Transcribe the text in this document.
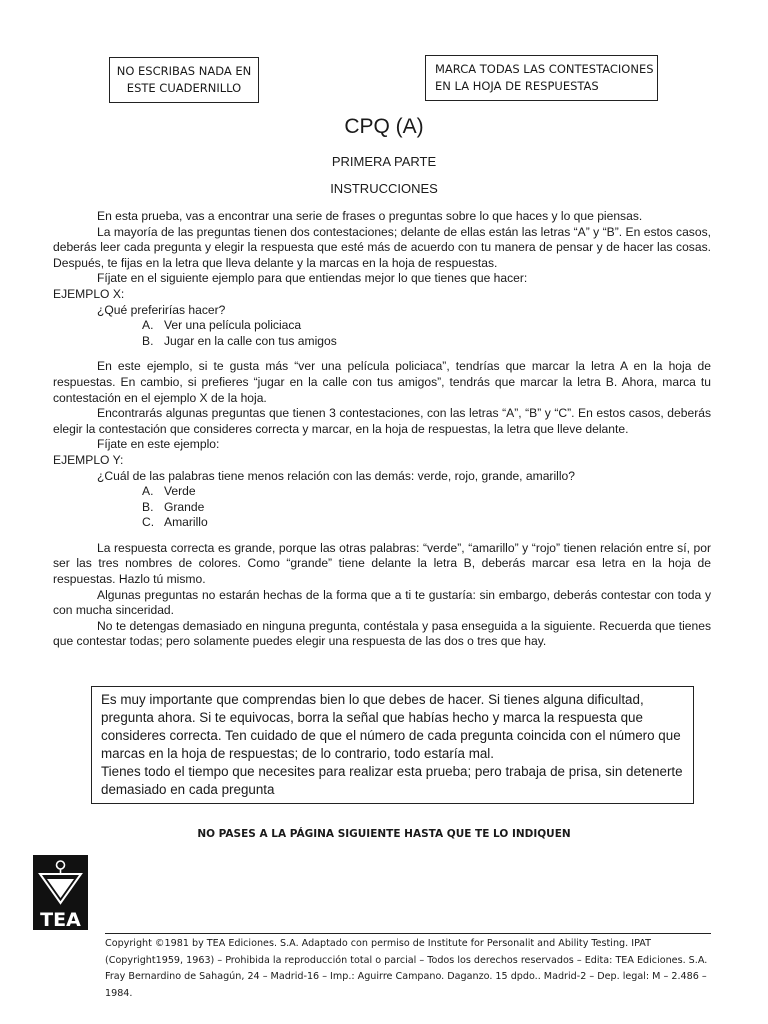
NO ESCRIBAS NADA EN
ESTE CUADERNILLO
MARCA TODAS LAS CONTESTACIONES
EN LA HOJA DE RESPUESTAS
CPQ (A)
PRIMERA PARTE
INSTRUCCIONES

En esta prueba, vas a encontrar una serie de frases o preguntas sobre lo que haces y lo que piensas.

La mayoría de las preguntas tienen dos contestaciones; delante de ellas están las letras “A” y “B”. En estos casos, deberás leer cada pregunta y elegir la respuesta que esté más de acuerdo con tu manera de pensar y de hacer las cosas. Después, te fijas en la letra que lleva delante y la marcas en la hoja de respuestas.

Fíjate en el siguiente ejemplo para que entiendas mejor lo que tienes que hacer:

EJEMPLO X:

¿Qué preferirías hacer?

A. Ver una película policiaca

B. Jugar en la calle con tus amigos

En este ejemplo, si te gusta más “ver una película policiaca”, tendrías que marcar la letra A en la hoja de respuestas. En cambio, si prefieres “jugar en la calle con tus amigos”, tendrás que marcar la letra B. Ahora, marca tu contestación en el ejemplo X de la hoja.

Encontrarás algunas preguntas que tienen 3 contestaciones, con las letras “A”, “B” y “C”. En estos casos, deberás elegir la contestación que consideres correcta y marcar, en la hoja de respuestas, la letra que lleve delante.

Fíjate en este ejemplo:

EJEMPLO Y:

¿Cuál de las palabras tiene menos relación con las demás: verde, rojo, grande, amarillo?

A. Verde

B. Grande

C. Amarillo

La respuesta correcta es grande, porque las otras palabras: “verde”, “amarillo” y “rojo” tienen relación entre sí, por ser las tres nombres de colores. Como “grande” tiene delante la letra B, deberás marcar esa letra en la hoja de respuestas. Hazlo tú mismo.

Algunas preguntas no estarán hechas de la forma que a ti te gustaría: sin embargo, deberás contestar con toda y con mucha sinceridad.

No te detengas demasiado en ninguna pregunta, contéstala y pasa enseguida a la siguiente. Recuerda que tienes que contestar todas; pero solamente puedes elegir una respuesta de las dos o tres que hay.

Es muy importante que comprendas bien lo que debes de hacer. Si tienes alguna dificultad, pregunta ahora. Si te equivocas, borra la señal que habías hecho y marca la respuesta que consideres correcta. Ten cuidado de que el número de cada pregunta coincida con el número que marcas en la hoja de respuestas; de lo contrario, todo estaría mal.

Tienes todo el tiempo que necesites para realizar esta prueba; pero trabaja de prisa, sin detenerte demasiado en cada pregunta

NO PASES A LA PÁGINA SIGUIENTE HASTA QUE TE LO INDIQUEN
TEA
Copyright ©1981 by TEA Ediciones. S.A. Adaptado con permiso de Institute for Personalit and Ability Testing. IPAT (Copyright1959, 1963) – Prohibida la reproducción total o parcial – Todos los derechos reservados – Edita: TEA Ediciones. S.A. Fray Bernardino de Sahagún, 24 – Madrid-16 – Imp.: Aguirre Campano. Daganzo. 15 dpdo.. Madrid-2 – Dep. legal: M – 2.486 – 1984.
